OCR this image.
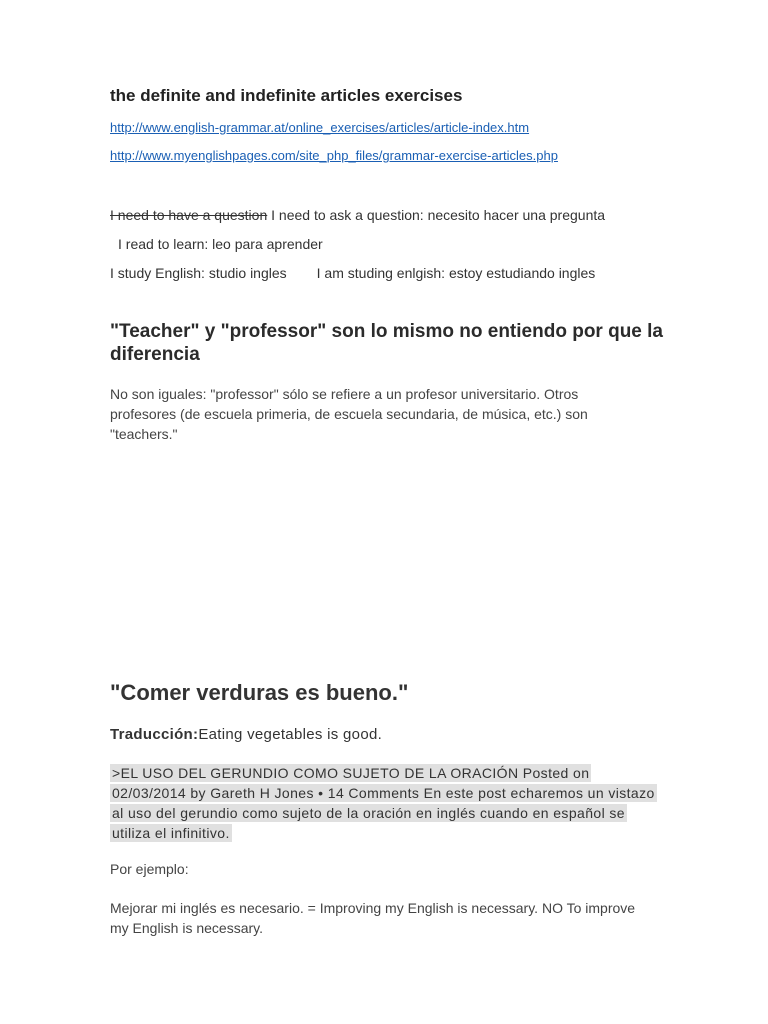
the definite and indefinite articles exercises
http://www.english-grammar.at/online_exercises/articles/article-index.htm
http://www.myenglishpages.com/site_php_files/grammar-exercise-articles.php
I need to have a question I need to ask a question: necesito hacer una pregunta
I read to learn: leo para aprender
I study English: studio ingles I am studing enlgish: estoy estudiando ingles
"Teacher" y "professor" son lo mismo no entiendo por que la diferencia
No son iguales: "professor" sólo se refiere a un profesor universitario. Otros profesores (de escuela primeria, de escuela secundaria, de música, etc.) son "teachers."
"Comer verduras es bueno."
Traducción:Eating vegetables is good.
>EL USO DEL GERUNDIO COMO SUJETO DE LA ORACIÓN Posted on 02/03/2014 by Gareth H Jones • 14 Comments En este post echaremos un vistazo al uso del gerundio como sujeto de la oración en inglés cuando en español se utiliza el infinitivo.
Por ejemplo:
Mejorar mi inglés es necesario. = Improving my English is necessary. NO To improve my English is necessary.
